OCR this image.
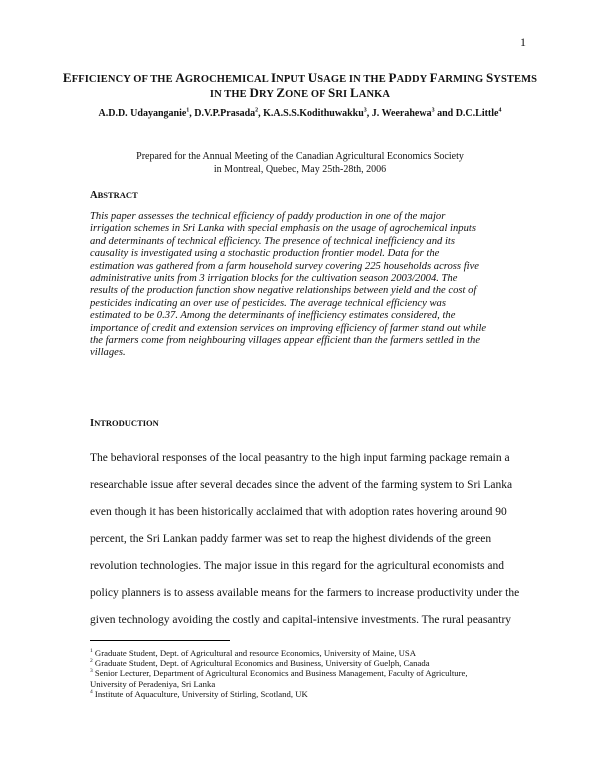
1
EFFICIENCY OF THE AGROCHEMICAL INPUT USAGE IN THE PADDY FARMING SYSTEMS
IN THE DRY ZONE OF SRI LANKA
A.D.D. Udayanganie$^1$, D.V.P.Prasada$^2$, K.A.S.S.Kodithuwakku$^3$, J. Weerahewa$^3$ and D.C.Little$^4$
Prepared for the Annual Meeting of the Canadian Agricultural Economics Society
in Montreal, Quebec, May 25th-28th, 2006
ABSTRACT
This paper assesses the technical efficiency of paddy production in one of the major
irrigation schemes in Sri Lanka with special emphasis on the usage of agrochemical inputs
and determinants of technical efficiency. The presence of technical inefficiency and its
causality is investigated using a stochastic production frontier model. Data for the
estimation was gathered from a farm household survey covering 225 households across five
administrative units from 3 irrigation blocks for the cultivation season 2003/2004. The
results of the production function show negative relationships between yield and the cost of
pesticides indicating an over use of pesticides. The average technical efficiency was
estimated to be 0.37. Among the determinants of inefficiency estimates considered, the
importance of credit and extension services on improving efficiency of farmer stand out while
the farmers come from neighbouring villages appear efficient than the farmers settled in the
villages.
INTRODUCTION
The behavioral responses of the local peasantry to the high input farming package remain a
researchable issue after several decades since the advent of the farming system to Sri Lanka
even though it has been historically acclaimed that with adoption rates hovering around 90
percent, the Sri Lankan paddy farmer was set to reap the highest dividends of the green
revolution technologies. The major issue in this regard for the agricultural economists and
policy planners is to assess available means for the farmers to increase productivity under the
given technology avoiding the costly and capital-intensive investments. The rural peasantry
$^1$ Graduate Student, Dept. of Agricultural and resource Economics, University of Maine, USA
$^2$ Graduate Student, Dept. of Agricultural Economics and Business, University of Guelph, Canada
$^3$ Senior Lecturer, Department of Agricultural Economics and Business Management, Faculty of Agriculture,
University of Peradeniya, Sri Lanka
$^4$ Institute of Aquaculture, University of Stirling, Scotland, UK
